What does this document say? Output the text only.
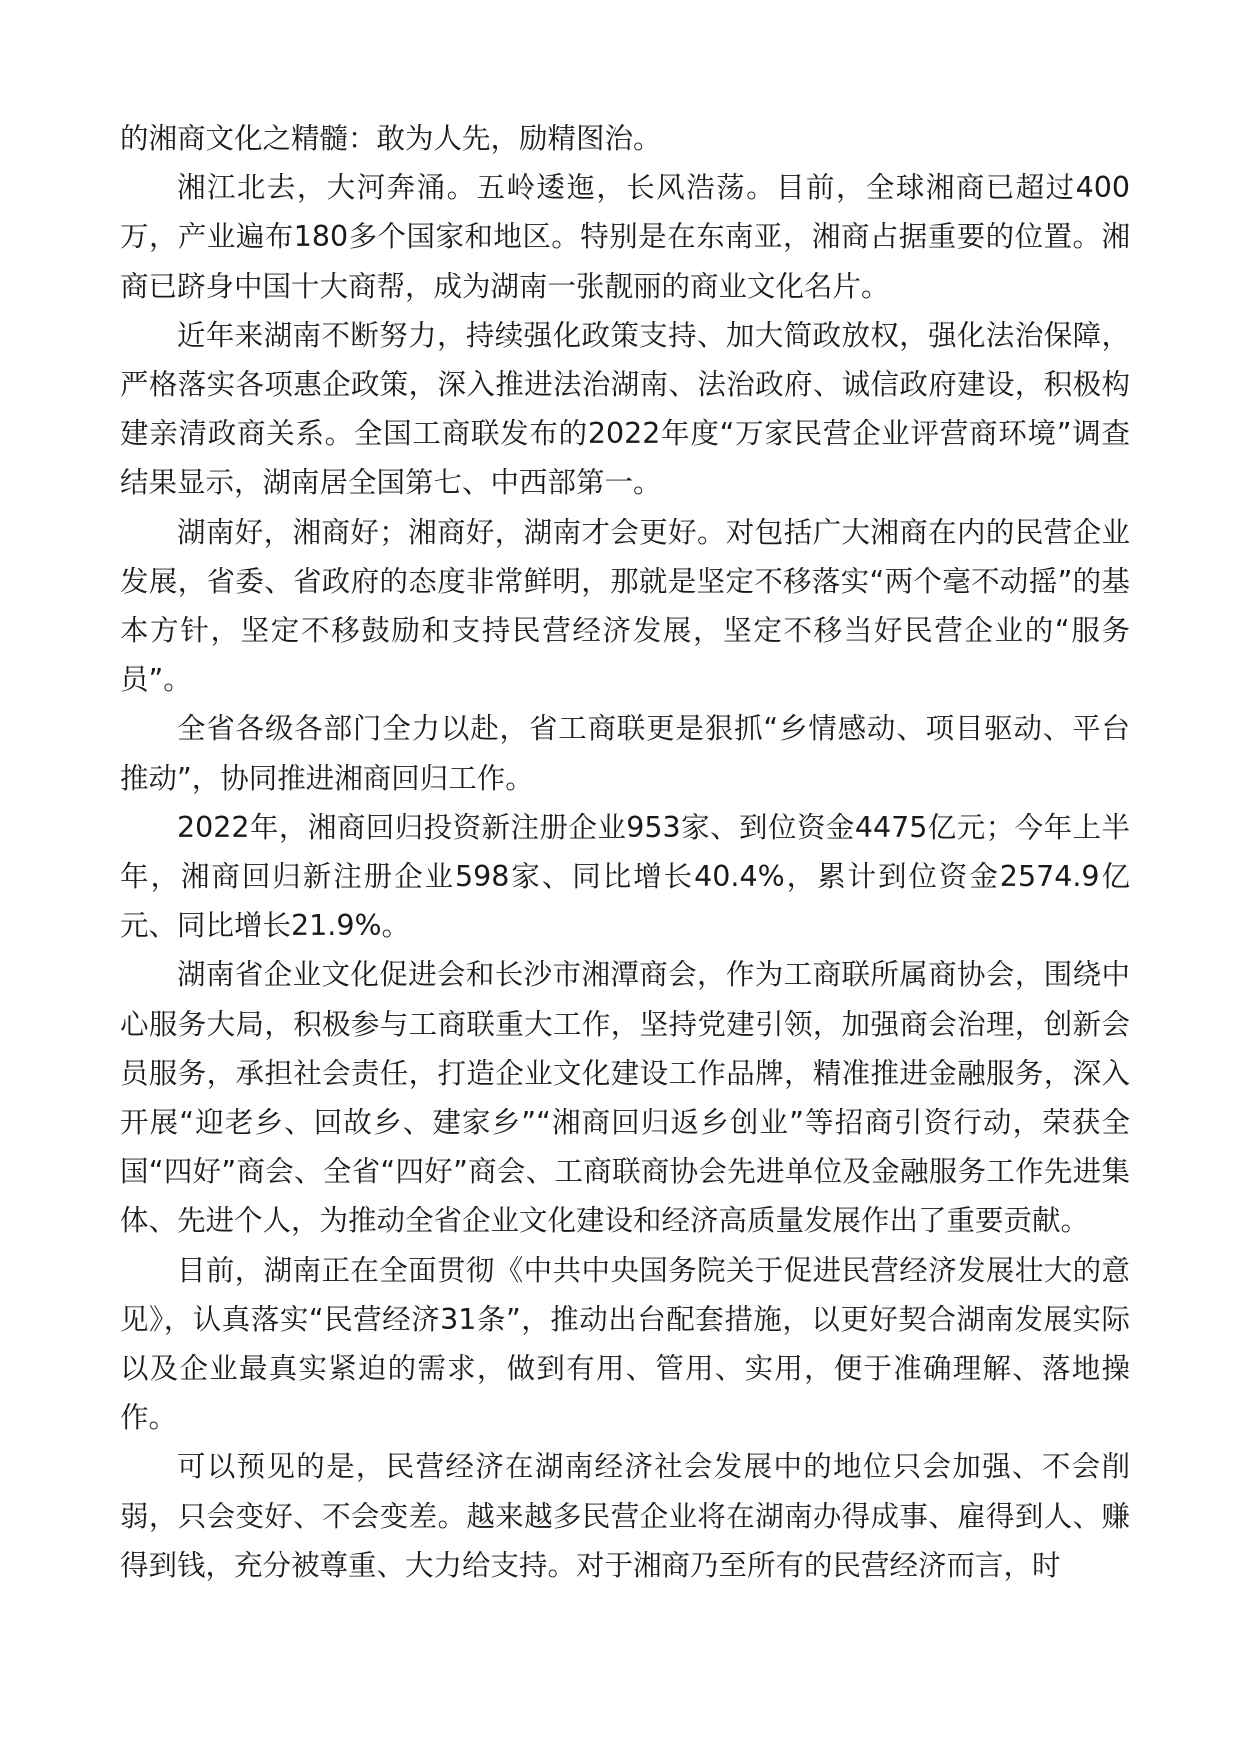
的湘商文化之精髓：敢为人先，励精图治。

湘江北去，大河奔涌。五岭逶迤，长风浩荡。目前，全球湘商已超过400万，产业遍布180多个国家和地区。特别是在东南亚，湘商占据重要的位置。湘商已跻身中国十大商帮，成为湖南一张靓丽的商业文化名片。

近年来湖南不断努力，持续强化政策支持、加大简政放权，强化法治保障，严格落实各项惠企政策，深入推进法治湖南、法治政府、诚信政府建设，积极构建亲清政商关系。全国工商联发布的2022年度“万家民营企业评营商环境”调查结果显示，湖南居全国第七、中西部第一。

湖南好，湘商好；湘商好，湖南才会更好。对包括广大湘商在内的民营企业发展，省委、省政府的态度非常鲜明，那就是坚定不移落实“两个毫不动摇”的基本方针，坚定不移鼓励和支持民营经济发展，坚定不移当好民营企业的“服务员”。

全省各级各部门全力以赴，省工商联更是狠抓“乡情感动、项目驱动、平台推动”，协同推进湘商回归工作。

2022年，湘商回归投资新注册企业953家、到位资金4475亿元；今年上半年，湘商回归新注册企业598家、同比增长40.4%，累计到位资金2574.9亿元、同比增长21.9%。

湖南省企业文化促进会和长沙市湘潭商会，作为工商联所属商协会，围绕中心服务大局，积极参与工商联重大工作，坚持党建引领，加强商会治理，创新会员服务，承担社会责任，打造企业文化建设工作品牌，精准推进金融服务，深入开展“迎老乡、回故乡、建家乡”“湘商回归返乡创业”等招商引资行动，荣获全国“四好”商会、全省“四好”商会、工商联商协会先进单位及金融服务工作先进集体、先进个人，为推动全省企业文化建设和经济高质量发展作出了重要贡献。

目前，湖南正在全面贯彻《中共中央国务院关于促进民营经济发展壮大的意见》，认真落实“民营经济31条”，推动出台配套措施，以更好契合湖南发展实际以及企业最真实紧迫的需求，做到有用、管用、实用，便于准确理解、落地操作。

可以预见的是，民营经济在湖南经济社会发展中的地位只会加强、不会削弱，只会变好、不会变差。越来越多民营企业将在湖南办得成事、雇得到人、赚得到钱，充分被尊重、大力给支持。对于湘商乃至所有的民营经济而言，时
